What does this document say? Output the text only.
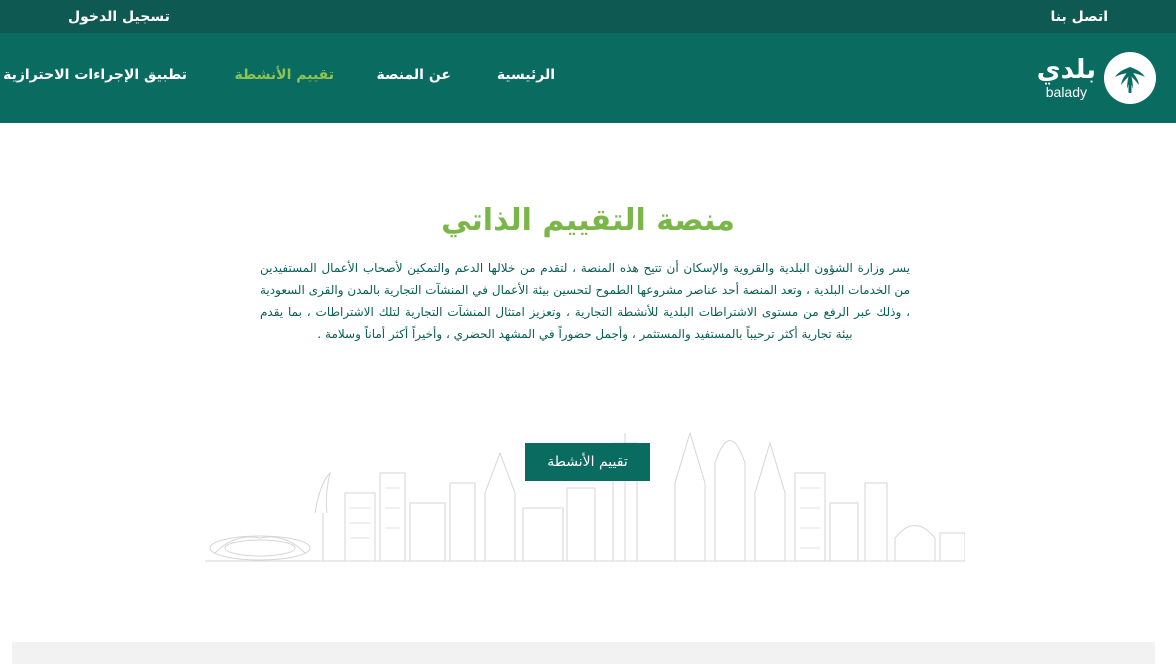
اتصل بنا
تسجيل الدخول
بلدي
balady
الرئيسية
عن المنصة
تقييم الأنشطة
تطبيق الإجراءات الاحترازية
منصة التقييم الذاتي

يسر وزارة الشؤون البلدية والقروية والإسكان أن تتيح هذه المنصة ، لتقدم من خلالها الدعم والتمكين لأصحاب الأعمال المستفيدين من الخدمات البلدية ، وتعد المنصة أحد عناصر مشروعها الطموح لتحسين بيئة الأعمال في المنشآت التجارية بالمدن والقرى السعودية ، وذلك عبر الرفع من مستوى الاشتراطات البلدية للأنشطة التجارية ، وتعزيز امتثال المنشآت التجارية لتلك الاشتراطات ، بما يقدم بيئة تجارية أكثر ترحيباً بالمستفيد والمستثمر ، وأجمل حضوراً في المشهد الحضري ، وأخيراً أكثر أماناً وسلامة .

تقييم الأنشطة
